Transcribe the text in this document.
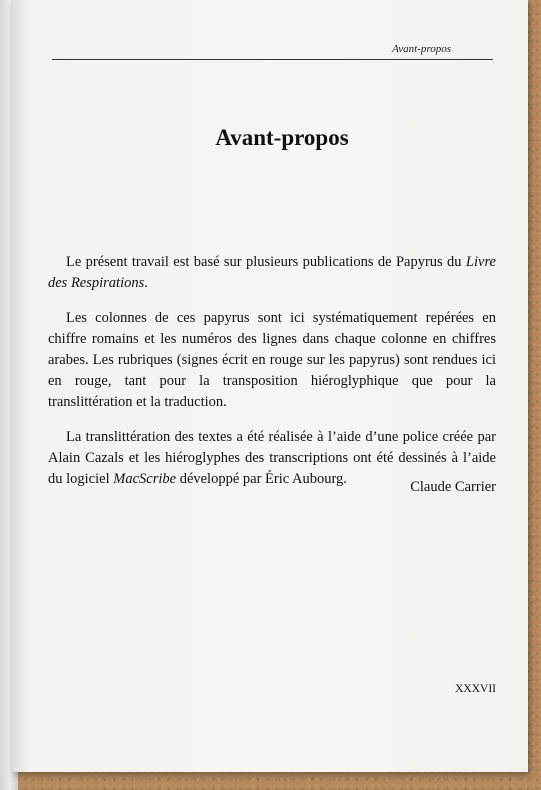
Avant-propos
Avant-propos

Le présent travail est basé sur plusieurs publications de Papyrus du Livre des Respirations.

Les colonnes de ces papyrus sont ici systématiquement repérées en chiffre romains et les numéros des lignes dans chaque colonne en chiffres arabes. Les rubriques (signes écrit en rouge sur les papyrus) sont rendues ici en rouge, tant pour la transposition hiéroglyphique que pour la translittération et la traduction.

La translittération des textes a été réalisée à l’aide d’une police créée par Alain Cazals et les hiéroglyphes des transcriptions ont été dessinés à l’aide du logiciel MacScribe développé par Éric Aubourg.	Claude Carrier
XXXVII
